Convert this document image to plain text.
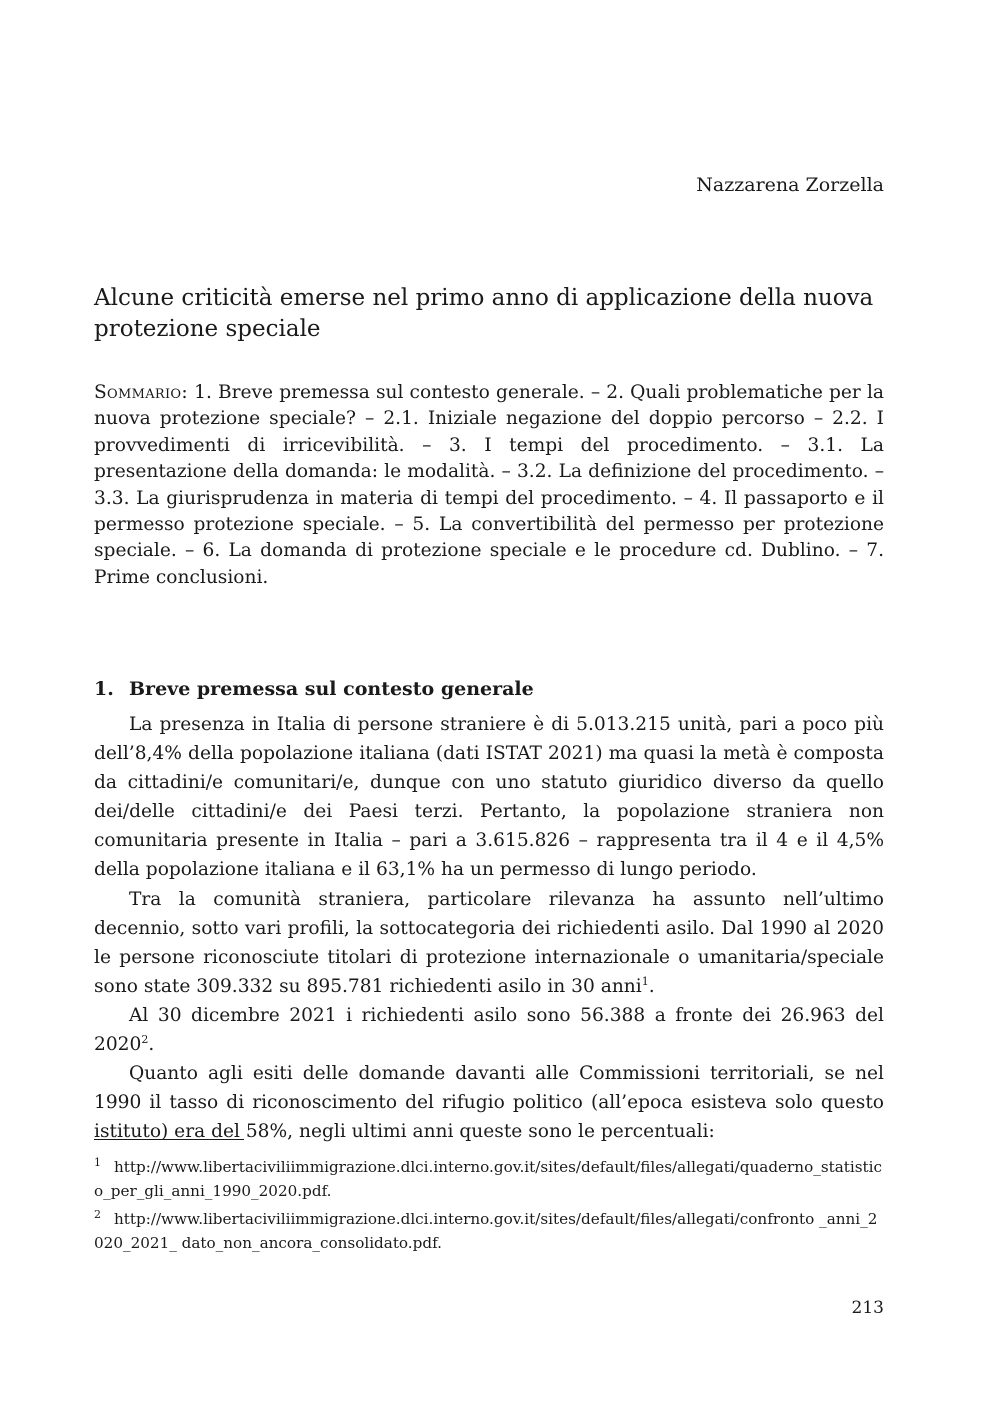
Nazzarena Zorzella
Alcune criticità emerse nel primo anno di applicazione della nuova protezione speciale

Sommario: 1. Breve premessa sul contesto generale. – 2. Quali problematiche per la nuova protezione speciale? – 2.1. Iniziale negazione del doppio percorso – 2.2. I provvedimenti di irricevibilità. – 3. I tempi del procedimento. – 3.1. La presentazione della domanda: le modalità. – 3.2. La definizione del procedimento. – 3.3. La giurisprudenza in materia di tempi del procedimento. – 4. Il passaporto e il permesso protezione speciale. – 5. La convertibilità del permesso per protezione speciale. – 6. La domanda di protezione speciale e le procedure cd. Dublino. – 7. Prime conclusioni.

1. Breve premessa sul contesto generale

La presenza in Italia di persone straniere è di 5.013.215 unità, pari a poco più dell’8,4% della popolazione italiana (dati ISTAT 2021) ma quasi la metà è composta da cittadini/e comunitari/e, dunque con uno statuto giuridico diverso da quello dei/delle cittadini/e dei Paesi terzi. Pertanto, la popolazione straniera non comunitaria presente in Italia – pari a 3.615.826 – rappresenta tra il 4 e il 4,5% della popolazione italiana e il 63,1% ha un permesso di lungo periodo.

Tra la comunità straniera, particolare rilevanza ha assunto nell’ultimo decennio, sotto vari profili, la sottocategoria dei richiedenti asilo. Dal 1990 al 2020 le persone riconosciute titolari di protezione internazionale o umanitaria/speciale sono state 309.332 su 895.781 richiedenti asilo in 30 anni$^1$.

Al 30 dicembre 2021 i richiedenti asilo sono 56.388 a fronte dei 26.963 del 2020$^2$.

Quanto agli esiti delle domande davanti alle Commissioni territoriali, se nel 1990 il tasso di riconoscimento del rifugio politico (all’epoca esisteva solo questo istituto) era del 58%, negli ultimi anni queste sono le percentuali:

1 http://www.libertaciviliimmigrazione.dlci.interno.gov.it/sites/default/files/allegati/quaderno_statistico_per_gli_anni_1990_2020.pdf.

2 http://www.libertaciviliimmigrazione.dlci.interno.gov.it/sites/default/files/allegati/confronto _anni_2020_2021_ dato_non_ancora_consolidato.pdf.

213
